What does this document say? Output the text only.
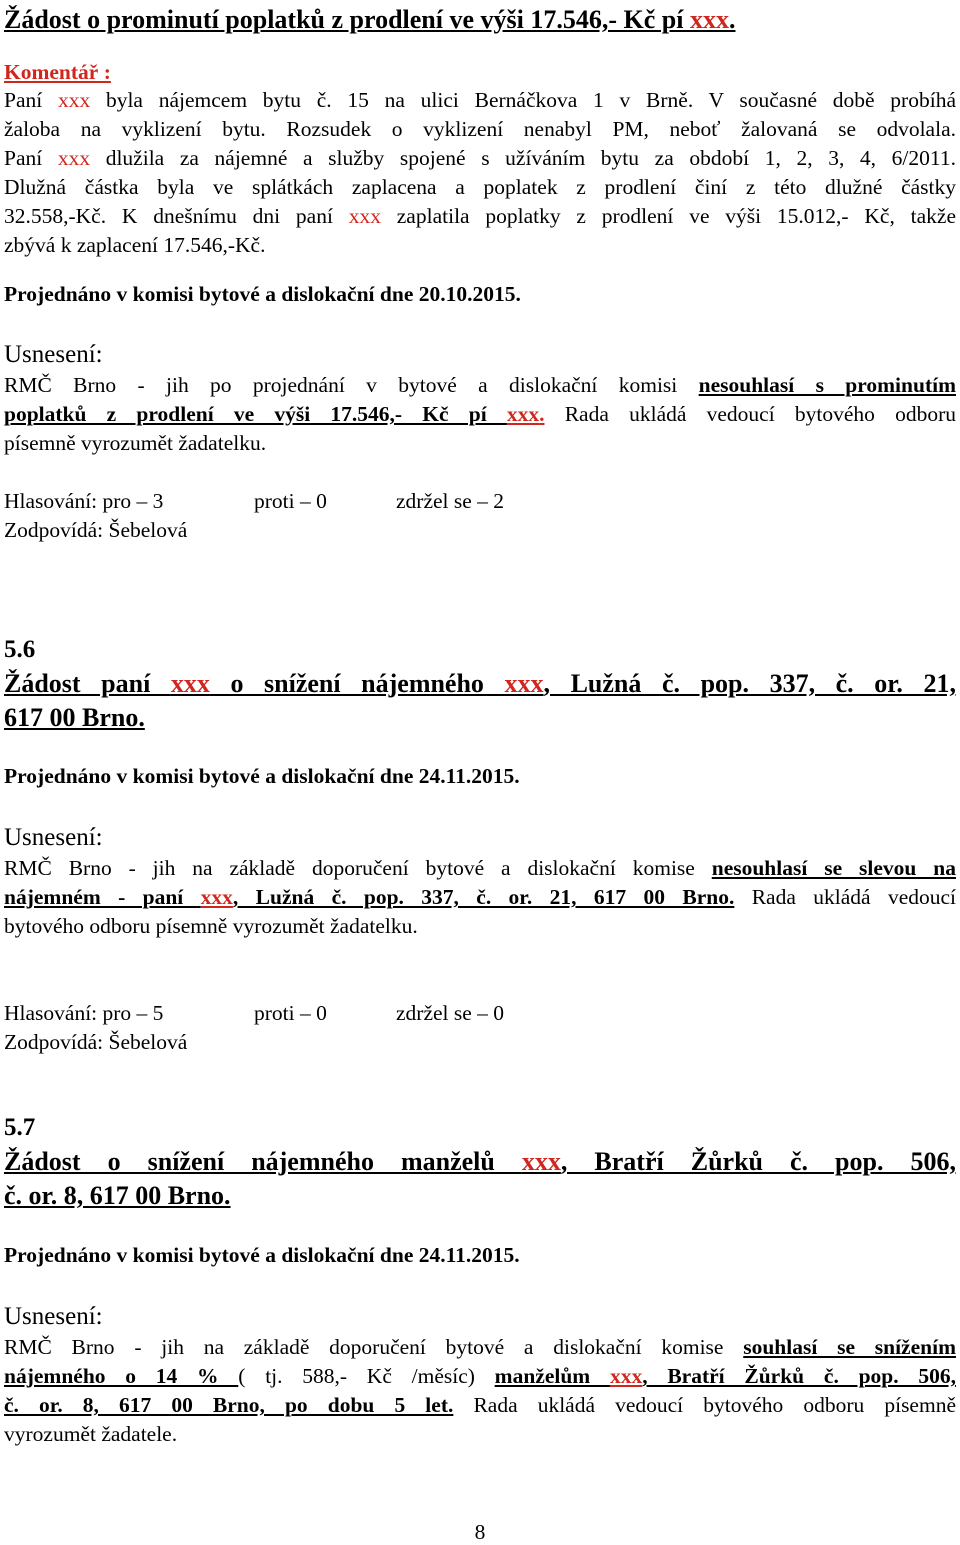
Žádost o prominutí poplatků z prodlení ve výši 17.546,- Kč pí xxx.
Komentář :
Paní xxx byla nájemcem bytu č. 15 na ulici Bernáčkova 1 v Brně. V současné době probíhá
žaloba na vyklizení bytu. Rozsudek o vyklizení nenabyl PM, neboť žalovaná se odvolala.
Paní xxx dlužila za nájemné a služby spojené s užíváním bytu za období 1, 2, 3, 4, 6/2011.
Dlužná částka byla ve splátkách zaplacena a poplatek z prodlení činí z této dlužné částky
32.558,-Kč. K dnešnímu dni paní xxx zaplatila poplatky z prodlení ve výši 15.012,- Kč, takže
zbývá k zaplacení 17.546,-Kč.
Projednáno v komisi bytové a dislokační dne 20.10.2015.
Usnesení:
RMČ Brno - jih po projednání v bytové a dislokační komisi nesouhlasí s prominutím
poplatků z prodlení ve výši 17.546,- Kč pí xxx. Rada ukládá vedoucí bytového odboru
písemně vyrozumět žadatelku.
Hlasování: pro – 3	proti – 0	zdržel se – 2
Zodpovídá: Šebelová
5.6
Žádost paní xxx o snížení nájemného xxx, Lužná č. pop. 337, č. or. 21,
617 00 Brno.
Projednáno v komisi bytové a dislokační dne 24.11.2015.
Usnesení:
RMČ Brno - jih na základě doporučení bytové a dislokační komise nesouhlasí se slevou na
nájemném - paní xxx, Lužná č. pop. 337, č. or. 21, 617 00 Brno. Rada ukládá vedoucí
bytového odboru písemně vyrozumět žadatelku.
Hlasování: pro – 5	proti – 0	zdržel se – 0
Zodpovídá: Šebelová
5.7
Žádost o snížení nájemného manželů xxx, Bratří Žůrků č. pop. 506,
č. or. 8, 617 00 Brno.
Projednáno v komisi bytové a dislokační dne 24.11.2015.
Usnesení:
RMČ Brno - jih na základě doporučení bytové a dislokační komise souhlasí se snížením
nájemného o 14 % ( tj. 588,- Kč /měsíc) manželům xxx, Bratří Žůrků č. pop. 506,
č. or. 8, 617 00 Brno, po dobu 5 let. Rada ukládá vedoucí bytového odboru písemně
vyrozumět žadatele.
8
